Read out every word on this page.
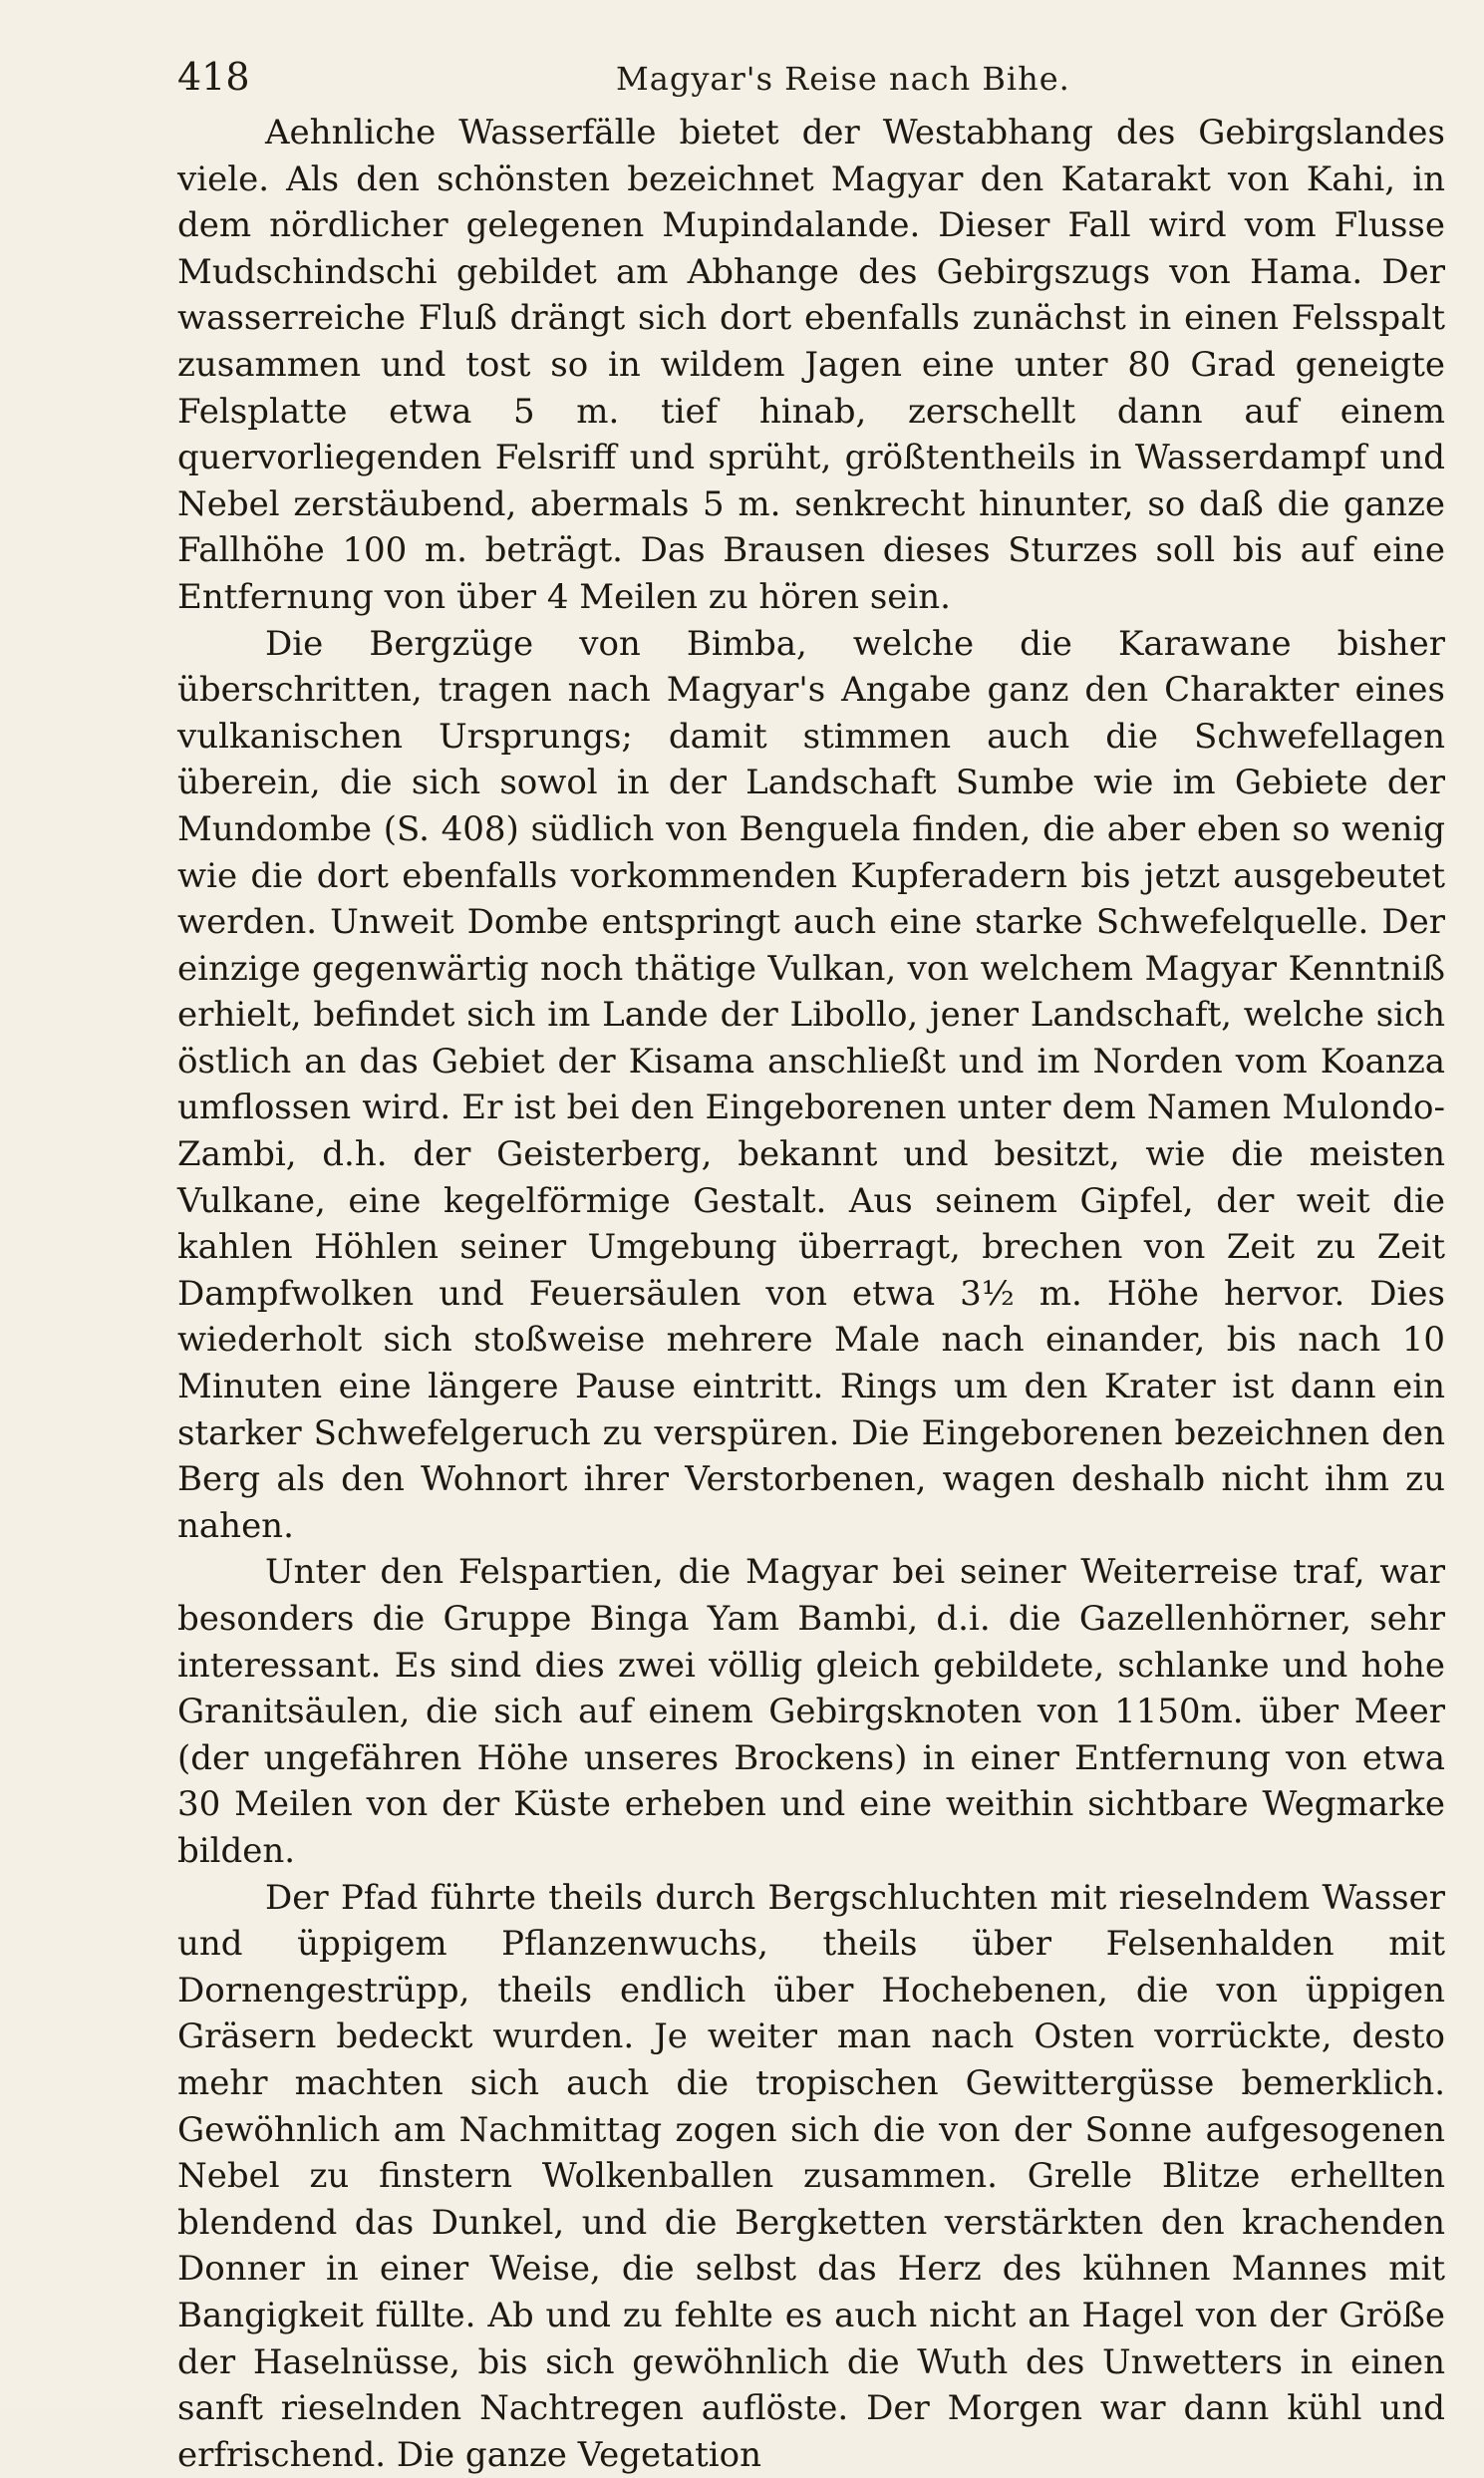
418	Magyar's Reise nach Bihe.

Aehnliche Wasserfälle bietet der Westabhang des Gebirgslandes viele. Als den schönsten bezeichnet Magyar den Katarakt von Kahi, in dem nördlicher gelegenen Mupindalande. Dieser Fall wird vom Flusse Mudschindschi gebildet am Abhange des Gebirgszugs von Hama. Der wasserreiche Fluß drängt sich dort ebenfalls zunächst in einen Felsspalt zusammen und tost so in wildem Jagen eine unter 80 Grad geneigte Felsplatte etwa 5 m. tief hinab, zerschellt dann auf einem quervorliegenden Felsriff und sprüht, größtentheils in Wasserdampf und Nebel zerstäubend, abermals 5 m. senkrecht hinunter, so daß die ganze Fallhöhe 100 m. beträgt. Das Brausen dieses Sturzes soll bis auf eine Entfernung von über 4 Meilen zu hören sein.

Die Bergzüge von Bimba, welche die Karawane bisher überschritten, tragen nach Magyar's Angabe ganz den Charakter eines vulkanischen Ursprungs; damit stimmen auch die Schwefellagen überein, die sich sowol in der Landschaft Sumbe wie im Gebiete der Mundombe (S. 408) südlich von Benguela finden, die aber eben so wenig wie die dort ebenfalls vorkommenden Kupferadern bis jetzt ausgebeutet werden. Unweit Dombe entspringt auch eine starke Schwefelquelle. Der einzige gegenwärtig noch thätige Vulkan, von welchem Magyar Kenntniß erhielt, befindet sich im Lande der Libollo, jener Landschaft, welche sich östlich an das Gebiet der Kisama anschließt und im Norden vom Koanza umflossen wird. Er ist bei den Eingeborenen unter dem Namen Mulondo-Zambi, d.h. der Geisterberg, bekannt und besitzt, wie die meisten Vulkane, eine kegelförmige Gestalt. Aus seinem Gipfel, der weit die kahlen Höhlen seiner Umgebung überragt, brechen von Zeit zu Zeit Dampfwolken und Feuersäulen von etwa 3½ m. Höhe hervor. Dies wiederholt sich stoßweise mehrere Male nach einander, bis nach 10 Minuten eine längere Pause eintritt. Rings um den Krater ist dann ein starker Schwefelgeruch zu verspüren. Die Eingeborenen bezeichnen den Berg als den Wohnort ihrer Verstorbenen, wagen deshalb nicht ihm zu nahen.

Unter den Felspartien, die Magyar bei seiner Weiterreise traf, war besonders die Gruppe Binga Yam Bambi, d.i. die Gazellenhörner, sehr interessant. Es sind dies zwei völlig gleich gebildete, schlanke und hohe Granitsäulen, die sich auf einem Gebirgsknoten von 1150m. über Meer (der ungefähren Höhe unseres Brockens) in einer Entfernung von etwa 30 Meilen von der Küste erheben und eine weithin sichtbare Wegmarke bilden.

Der Pfad führte theils durch Bergschluchten mit rieselndem Wasser und üppigem Pflanzenwuchs, theils über Felsenhalden mit Dornengestrüpp, theils endlich über Hochebenen, die von üppigen Gräsern bedeckt wurden. Je weiter man nach Osten vorrückte, desto mehr machten sich auch die tropischen Gewittergüsse bemerklich. Gewöhnlich am Nachmittag zogen sich die von der Sonne aufgesogenen Nebel zu finstern Wolkenballen zusammen. Grelle Blitze erhellten blendend das Dunkel, und die Bergketten verstärkten den krachenden Donner in einer Weise, die selbst das Herz des kühnen Mannes mit Bangigkeit füllte. Ab und zu fehlte es auch nicht an Hagel von der Größe der Haselnüsse, bis sich gewöhnlich die Wuth des Unwetters in einen sanft rieselnden Nachtregen auflöste. Der Morgen war dann kühl und erfrischend. Die ganze Vegetation
